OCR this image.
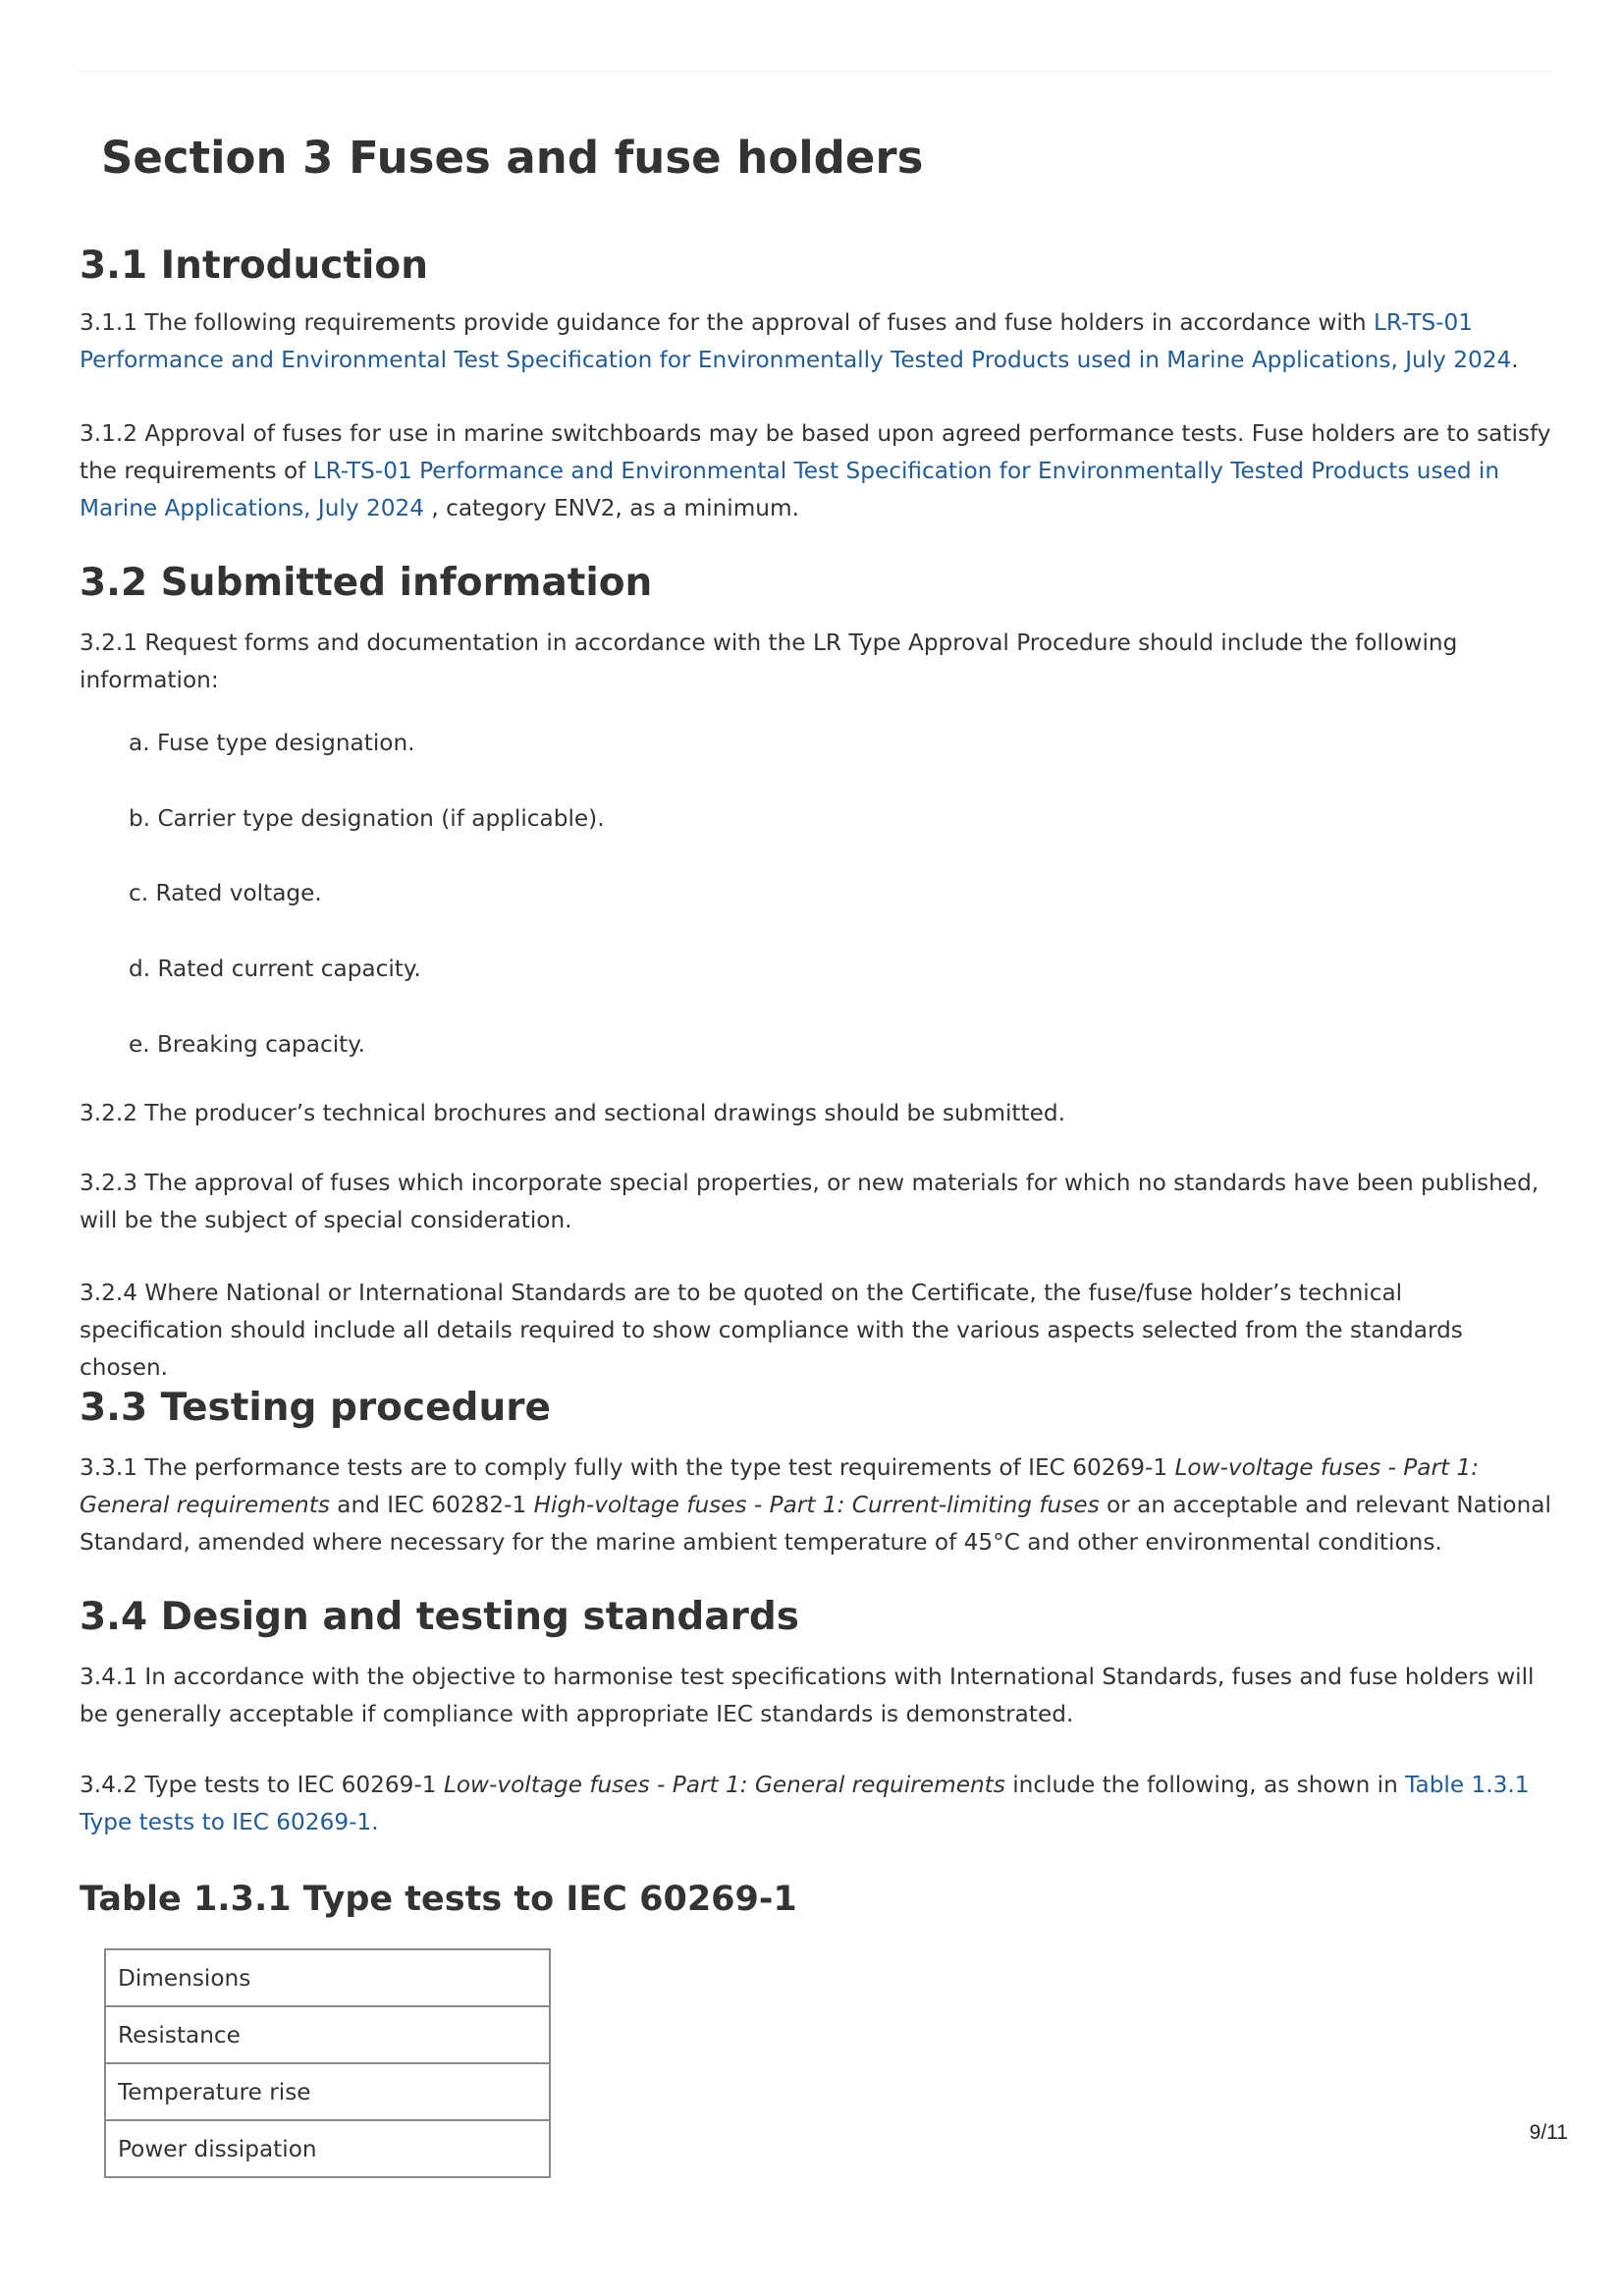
Section 3 Fuses and fuse holders
3.1 Introduction

3.1.1 The following requirements provide guidance for the approval of fuses and fuse holders in accordance with LR-TS-01 Performance and Environmental Test Specification for Environmentally Tested Products used in Marine Applications, July 2024.

3.1.2 Approval of fuses for use in marine switchboards may be based upon agreed performance tests. Fuse holders are to satisfy the requirements of LR-TS-01 Performance and Environmental Test Specification for Environmentally Tested Products used in Marine Applications, July 2024 , category ENV2, as a minimum.

3.2 Submitted information

3.2.1 Request forms and documentation in accordance with the LR Type Approval Procedure should include the following information:

a. Fuse type designation.
b. Carrier type designation (if applicable).
c. Rated voltage.
d. Rated current capacity.
e. Breaking capacity.

3.2.2 The producer’s technical brochures and sectional drawings should be submitted.

3.2.3 The approval of fuses which incorporate special properties, or new materials for which no standards have been published, will be the subject of special consideration.

3.2.4 Where National or International Standards are to be quoted on the Certificate, the fuse/fuse holder’s technical specification should include all details required to show compliance with the various aspects selected from the standards chosen.

3.3 Testing procedure

3.3.1 The performance tests are to comply fully with the type test requirements of IEC 60269-1 Low-voltage fuses - Part 1: General requirements and IEC 60282-1 High-voltage fuses - Part 1: Current-limiting fuses or an acceptable and relevant National Standard, amended where necessary for the marine ambient temperature of 45°C and other environmental conditions.

3.4 Design and testing standards

3.4.1 In accordance with the objective to harmonise test specifications with International Standards, fuses and fuse holders will be generally acceptable if compliance with appropriate IEC standards is demonstrated.

3.4.2 Type tests to IEC 60269-1 Low-voltage fuses - Part 1: General requirements include the following, as shown in Table 1.3.1 Type tests to IEC 60269-1.

Table 1.3.1 Type tests to IEC 60269-1
Dimensions
Resistance
Temperature rise
Power dissipation
9/11
